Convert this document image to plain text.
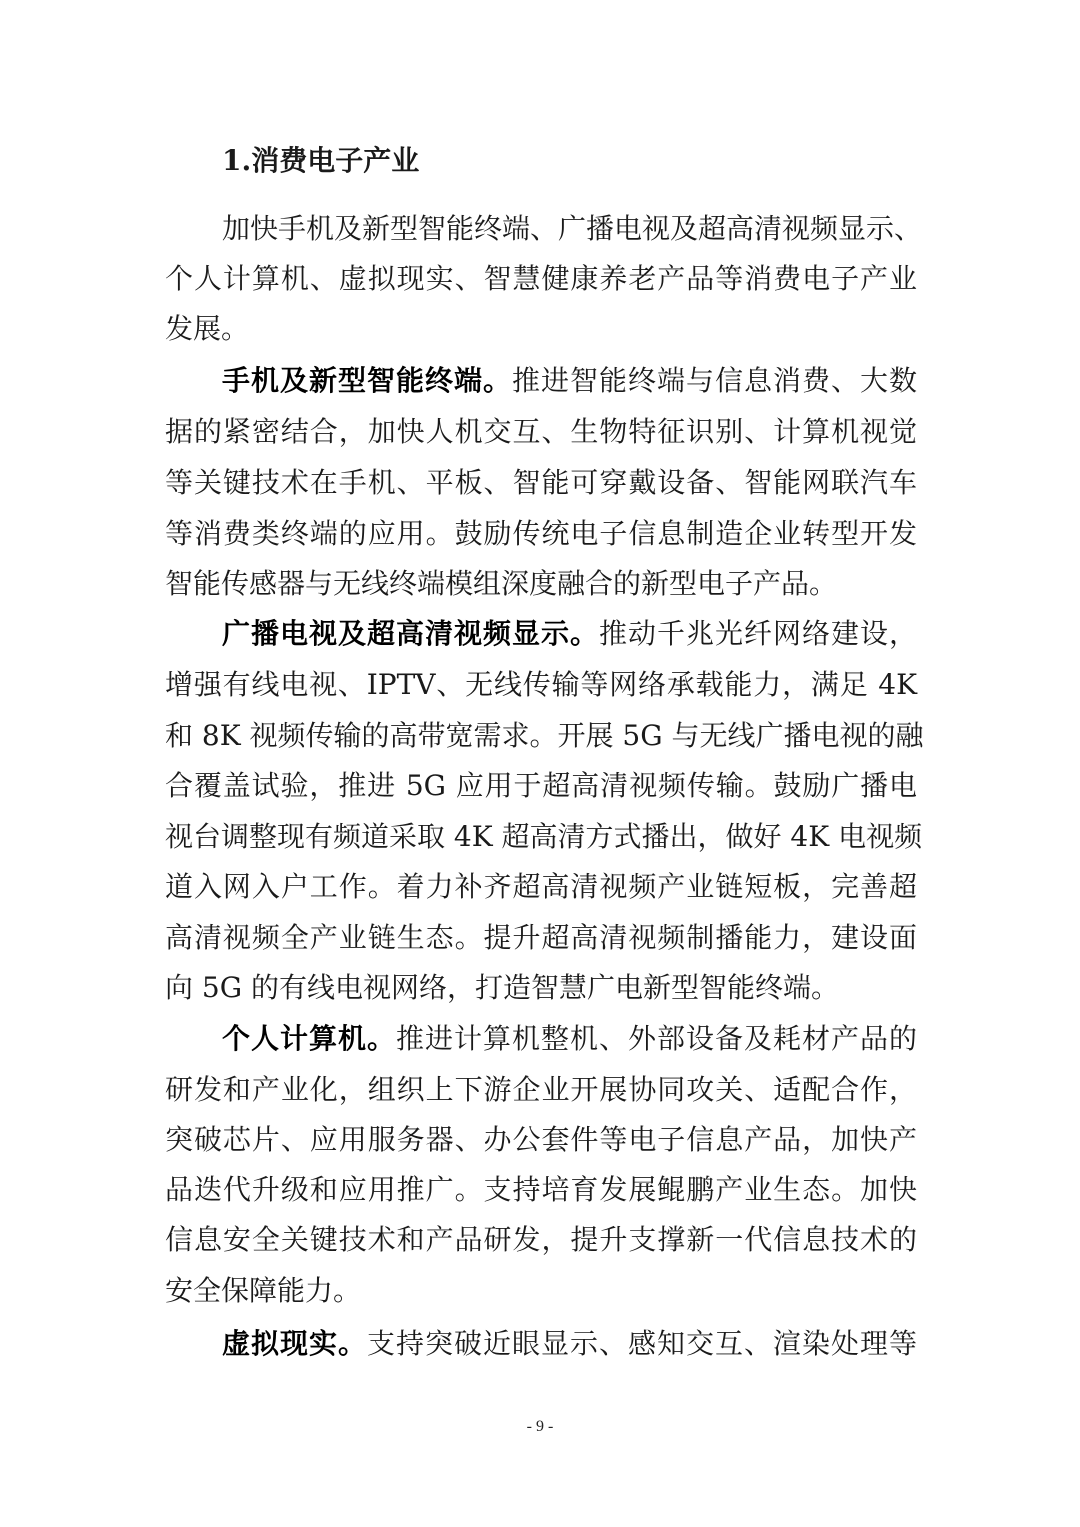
1.消费电子产业
加快手机及新型智能终端、广播电视及超高清视频显示、
个人计算机、虚拟现实、智慧健康养老产品等消费电子产业
发展。
手机及新型智能终端。推进智能终端与信息消费、大数
据的紧密结合，加快人机交互、生物特征识别、计算机视觉
等关键技术在手机、平板、智能可穿戴设备、智能网联汽车
等消费类终端的应用。鼓励传统电子信息制造企业转型开发
智能传感器与无线终端模组深度融合的新型电子产品。
广播电视及超高清视频显示。推动千兆光纤网络建设，
增强有线电视、IPTV、无线传输等网络承载能力，满足 4K
和 8K 视频传输的高带宽需求。开展 5G 与无线广播电视的融
合覆盖试验，推进 5G 应用于超高清视频传输。鼓励广播电
视台调整现有频道采取 4K 超高清方式播出，做好 4K 电视频
道入网入户工作。着力补齐超高清视频产业链短板，完善超
高清视频全产业链生态。提升超高清视频制播能力，建设面
向 5G 的有线电视网络，打造智慧广电新型智能终端。
个人计算机。推进计算机整机、外部设备及耗材产品的
研发和产业化，组织上下游企业开展协同攻关、适配合作，
突破芯片、应用服务器、办公套件等电子信息产品，加快产
品迭代升级和应用推广。支持培育发展鲲鹏产业生态。加快
信息安全关键技术和产品研发，提升支撑新一代信息技术的
安全保障能力。
虚拟现实。支持突破近眼显示、感知交互、渲染处理等
- 9 -
